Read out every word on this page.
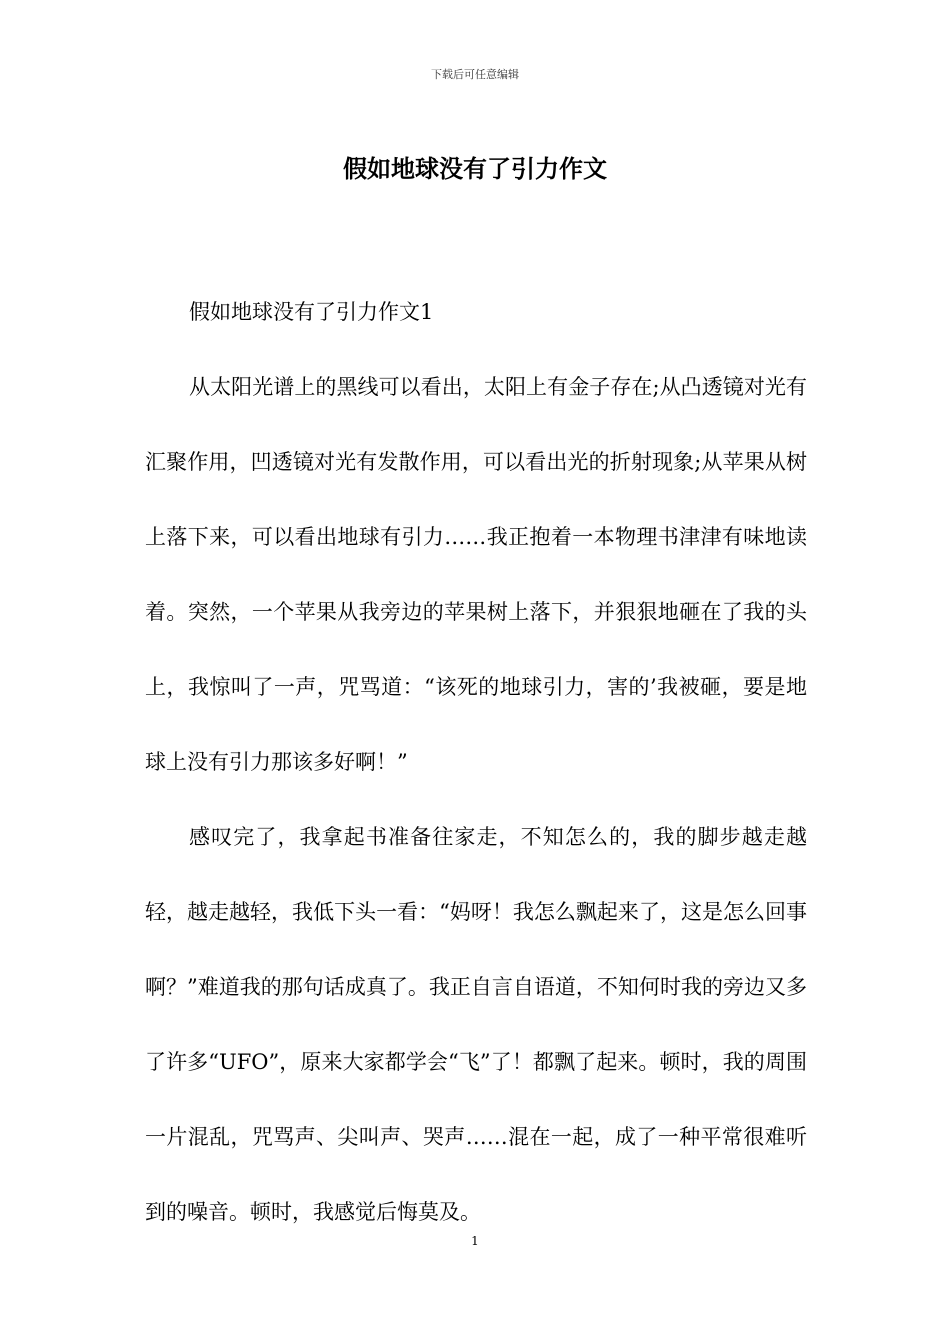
下载后可任意编辑
假如地球没有了引力作文

假如地球没有了引力作文1

从太阳光谱上的黑线可以看出，太阳上有金子存在;从凸透镜对光有汇聚作用，凹透镜对光有发散作用，可以看出光的折射现象;从苹果从树上落下来，可以看出地球有引力……我正抱着一本物理书津津有味地读着。突然，一个苹果从我旁边的苹果树上落下，并狠狠地砸在了我的头上，我惊叫了一声，咒骂道：“该死的地球引力，害的’我被砸，要是地球上没有引力那该多好啊！”

感叹完了，我拿起书准备往家走，不知怎么的，我的脚步越走越轻，越走越轻，我低下头一看：“妈呀！我怎么飘起来了，这是怎么回事啊？”难道我的那句话成真了。我正自言自语道，不知何时我的旁边又多了许多“UFO”，原来大家都学会“飞”了！都飘了起来。顿时，我的周围一片混乱，咒骂声、尖叫声、哭声……混在一起，成了一种平常很难听到的噪音。顿时，我感觉后悔莫及。

1
